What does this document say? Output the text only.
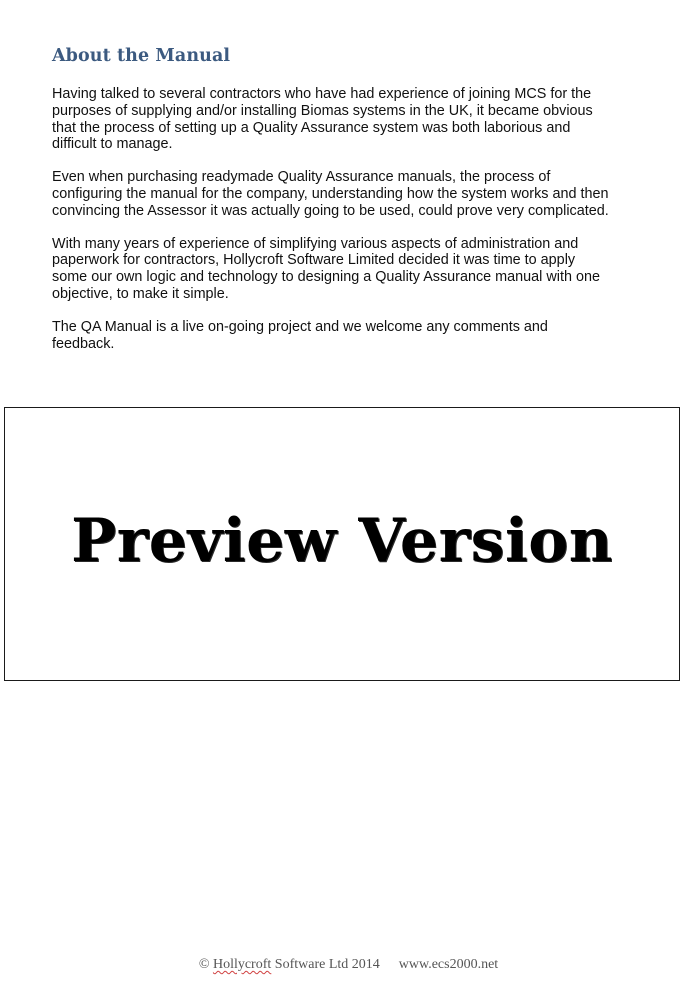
About the Manual

Having talked to several contractors who have had experience of joining MCS for the purposes of supplying and/or installing Biomas systems in the UK, it became obvious that the process of setting up a Quality Assurance system was both laborious and difficult to manage.

Even when purchasing readymade Quality Assurance manuals, the process of configuring the manual for the company, understanding how the system works and then convincing the Assessor it was actually going to be used, could prove very complicated.

With many years of experience of simplifying various aspects of administration and paperwork for contractors, Hollycroft Software Limited decided it was time to apply some our own logic and technology to designing a Quality Assurance manual with one objective, to make it simple.

The QA Manual is a live on-going project and we welcome any comments and feedback.

Preview Version
© Hollycroft Software Ltd 2014 www.ecs2000.net
